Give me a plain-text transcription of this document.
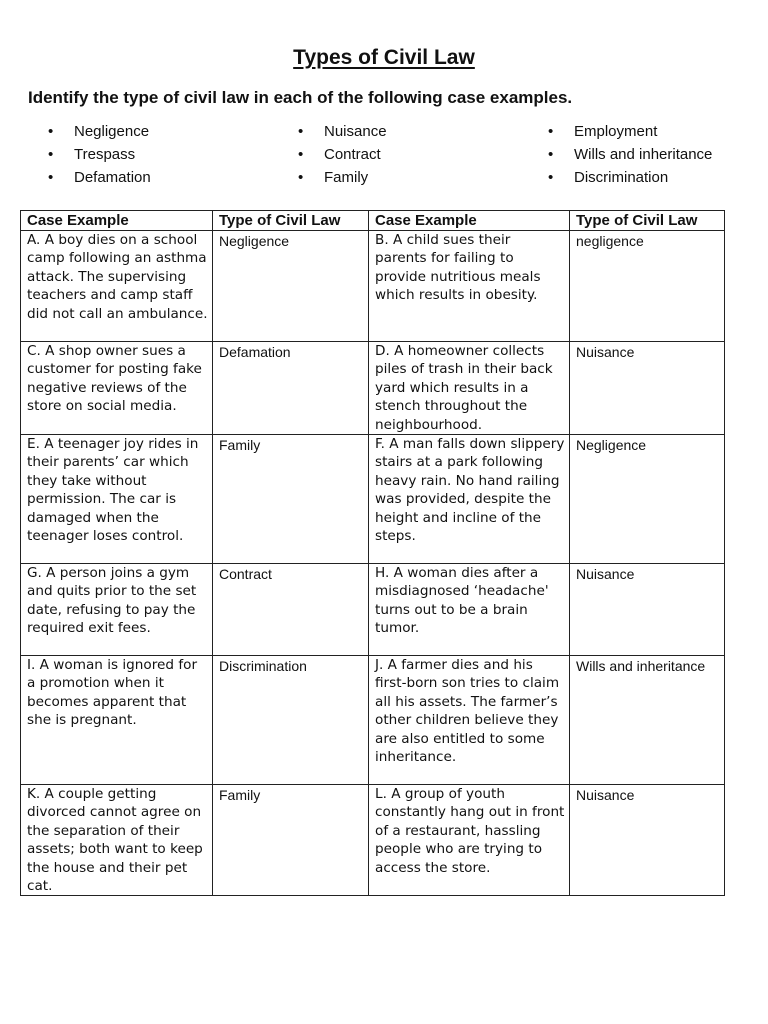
Types of Civil Law
Identify the type of civil law in each of the following case examples.
• Negligence
• Trespass
• Defamation
• Nuisance
• Contract
• Family
• Employment
• Wills and inheritance
• Discrimination
Case Example	Type of Civil Law	Case Example	Type of Civil Law
A. A boy dies on a school camp following an asthma attack. The supervising teachers and camp staff did not call an ambulance.	Negligence	B. A child sues their parents for failing to provide nutritious meals which results in obesity.	negligence
C. A shop owner sues a customer for posting fake negative reviews of the store on social media.	Defamation	D. A homeowner collects piles of trash in their back yard which results in a stench throughout the neighbourhood.	Nuisance
E. A teenager joy rides in their parents’ car which they take without permission. The car is damaged when the teenager loses control.	Family	F. A man falls down slippery stairs at a park following heavy rain. No hand railing was provided, despite the height and incline of the steps.	Negligence
G. A person joins a gym and quits prior to the set date, refusing to pay the required exit fees.	Contract	H. A woman dies after a misdiagnosed ‘headache' turns out to be a brain tumor.	Nuisance
I. A woman is ignored for a promotion when it becomes apparent that she is pregnant.	Discrimination	J. A farmer dies and his first-born son tries to claim all his assets. The farmer’s other children believe they are also entitled to some inheritance.	Wills and inheritance
K. A couple getting divorced cannot agree on the separation of their assets; both want to keep the house and their pet cat.	Family	L. A group of youth constantly hang out in front of a restaurant, hassling people who are trying to access the store.	Nuisance
